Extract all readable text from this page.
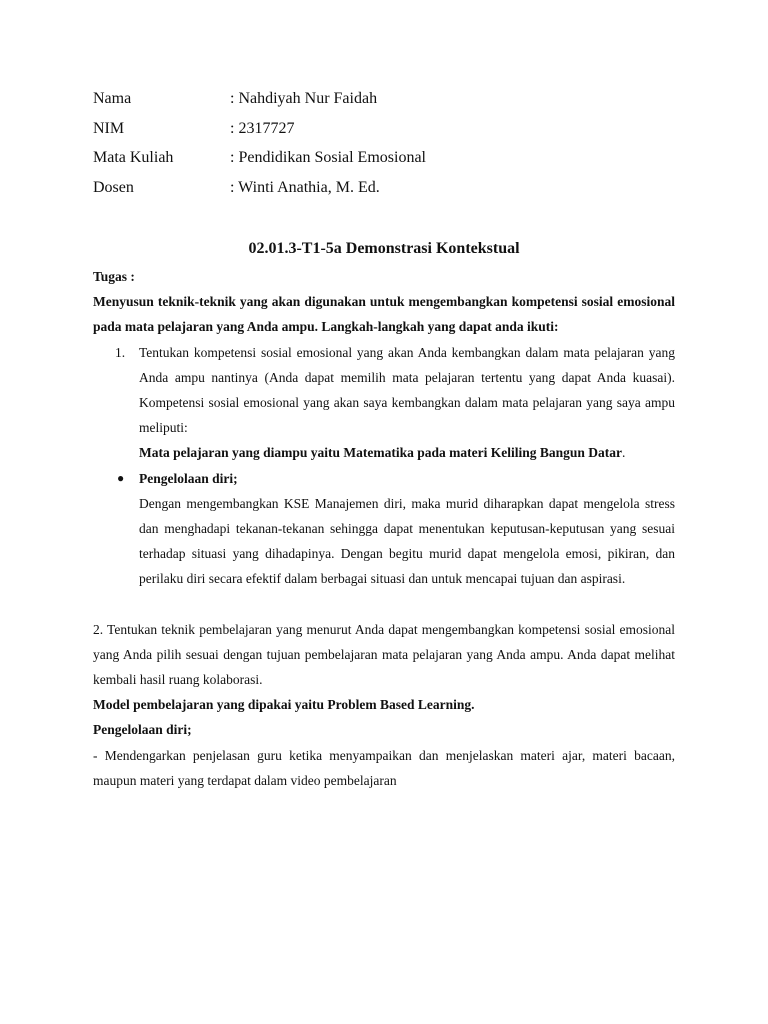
Nama	: Nahdiyah Nur Faidah
NIM	: 2317727
Mata Kuliah	: Pendidikan Sosial Emosional
Dosen	: Winti Anathia, M. Ed.
02.01.3-T1-5a Demonstrasi Kontekstual

Tugas :

Menyusun teknik-teknik yang akan digunakan untuk mengembangkan kompetensi sosial emosional pada mata pelajaran yang Anda ampu. Langkah-langkah yang dapat anda ikuti:

1. Tentukan kompetensi sosial emosional yang akan Anda kembangkan dalam mata pelajaran yang Anda ampu nantinya (Anda dapat memilih mata pelajaran tertentu yang dapat Anda kuasai). Kompetensi sosial emosional yang akan saya kembangkan dalam mata pelajaran yang saya ampu meliputi:

Mata pelajaran yang diampu yaitu Matematika pada materi Keliling Bangun Datar.

● Pengelolaan diri;

Dengan mengembangkan KSE Manajemen diri, maka murid diharapkan dapat mengelola stress dan menghadapi tekanan-tekanan sehingga dapat menentukan keputusan-keputusan yang sesuai terhadap situasi yang dihadapinya. Dengan begitu murid dapat mengelola emosi, pikiran, dan perilaku diri secara efektif dalam berbagai situasi dan untuk mencapai tujuan dan aspirasi.

2. Tentukan teknik pembelajaran yang menurut Anda dapat mengembangkan kompetensi sosial emosional yang Anda pilih sesuai dengan tujuan pembelajaran mata pelajaran yang Anda ampu. Anda dapat melihat kembali hasil ruang kolaborasi.

Model pembelajaran yang dipakai yaitu Problem Based Learning.

Pengelolaan diri;

- Mendengarkan penjelasan guru ketika menyampaikan dan menjelaskan materi ajar, materi bacaan, maupun materi yang terdapat dalam video pembelajaran
